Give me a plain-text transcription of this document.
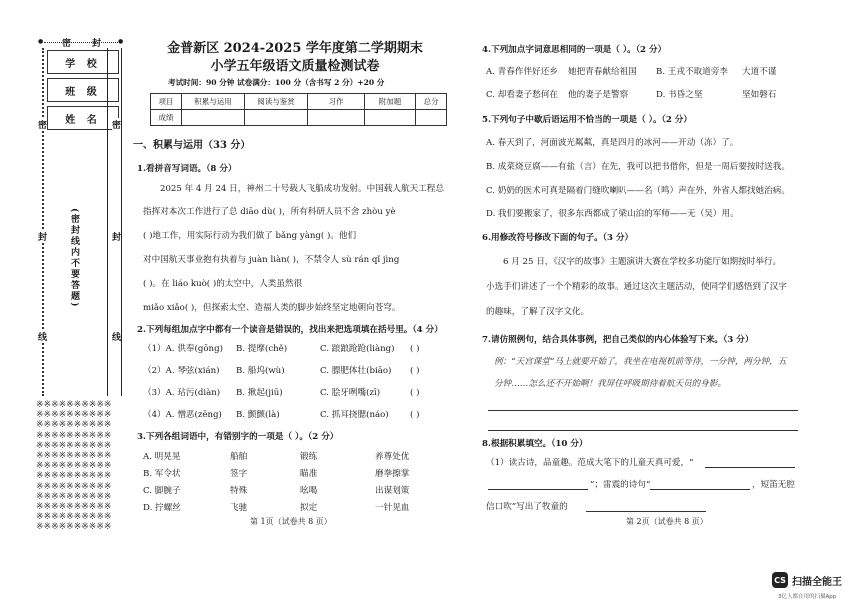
●	●
密 封
学 校
班 级
姓 名
密	密
封	封
线	线
(密封线内不要答题)
※※※※※※※※※※
※※※※※※※※※※
※※※※※※※※※※
※※※※※※※※※※
※※※※※※※※※※
※※※※※※※※※※
※※※※※※※※※※
※※※※※※※※※※
※※※※※※※※※※
※※※※※※※※※※
※※※※※※※※※※
※※※※※※※※※※
※※※※※※※※※※
金普新区 2024-2025 学年度第二学期期末
小学五年级语文质量检测试卷
考试时间：90 分钟 试卷满分：100 分（含书写 2 分）+20 分
项目	积累与运用	阅读与鉴赏	习作	附加题	总分
成绩					
一、积累与运用（33 分）
1.看拼音写词语。（8 分）
2025 年 4 月 24 日，神州二十号载人飞船成功发射。中国载人航天工程总
指挥对本次工作进行了总 diāo dù( )，所有科研人员不舍 zhòu yè
( )地工作，用实际行动为我们做了 bǎng yàng( )。他们
对中国航天事业抱有执着与 juàn liàn( )，不禁令人 sù rán qǐ jìng
( )。在 liáo kuò( )的太空中，人类虽然很
miǎo xiǎo( )，但探索太空、造福人类的脚步始终坚定地朝向苍穹。
2.下列每组加点字中都有一个读音是错误的，找出来把选项填在括号里。（4 分）
（1）A. 供奉(gōng) B. 提摩(chě)	C. 踉踉跄跄(liàng) ( )
（2）A. 琴弦(xián) B. 船坞(wù)	C. 膘肥体壮(biāo) ( )
（3）A. 玷污(diàn) B. 揪起(jiū)	C. 脍牙咧嘴(zī)	( )
（4）A. 憎恶(zēng) B. 颤颤(là)	C. 抓耳挠腮(náo) ( )
3.下列各组词语中，有错别字的一项是（ ）。（2 分）
A. 明晃晃	船舶	锻练	养尊处优
B. 军令状	签字	瞄准	磨拳擦掌
C. 脚腕子	特殊	吆喝	出谋划策
D. 拧螺丝	飞驰	拟定	一针见血
第 1页（试卷共 8 页）
4.下列加点字词意思相同的一项是（ ）。（2 分）
A. 青春作伴好还乡 她把青春献给祖国 B. 王戎不取道旁李 大道不谨
C. 却看妻子愁何在 他的妻子是警察	D. 书昏之坚	坚如磐石
5.下列句子中歇后语运用不恰当的一项是（ ）。（2 分）
A. 春天到了，河面波光粼粼，真是四月的冰河——开动（冻）了。
B. 成菜烧豆腐——有盐（言）在先，我可以把书借你，但是一周后要按时送我。
C. 奶奶的医术可真是隔着门缝吹喇叭——名（鸣）声在外，外省人都找她治病。
D. 我们要搬家了，很多东西都成了梁山泊的军师——无（吴）用。
6.用修改符号修改下面的句子。（3 分）
6 月 25 日，《汉字的故事》主题演讲大赛在学校多功能厅如期按时举行。
小选手们讲述了一个个精彩的故事。通过这次主题活动，使同学们感悟到了汉字
的趣味，了解了汉字文化。
7.请仿照例句，结合具体事例，把自己类似的内心体验写下来。（3 分）
例：“天宫课堂”马上就要开始了，我坐在电视机前等待，一分钟，两分钟，五
分钟……怎么还不开始啊！我屏住呼吸期待着航天员的身影。
8.根据积累填空。（10 分）
（1）读古诗，品童趣。范成大笔下的儿童天真可爱，“
”；雷震的诗句“	，短笛无腔
信口吹”写出了牧童的
第 2页（试卷共 8 页）
CS 扫描全能王
3亿人都在用的扫描App
